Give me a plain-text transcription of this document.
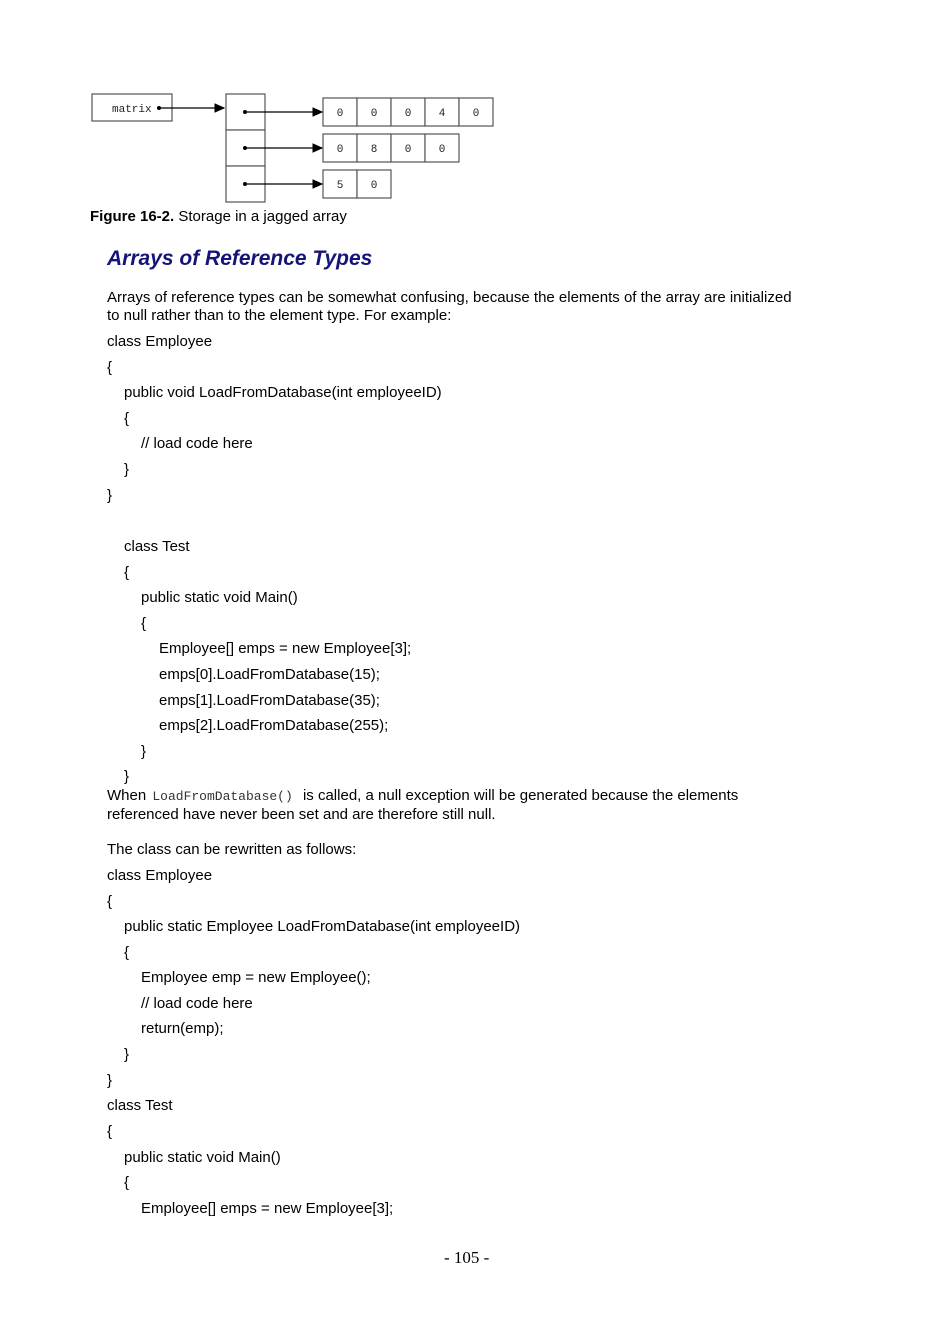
matrix	0 0 0 4 0
0 8 0 0
5 0
Figure 16-2. Storage in a jagged array
Arrays of Reference Types
Arrays of reference types can be somewhat confusing, because the elements of the array are initialized
to null rather than to the element type. For example:
class Employee
{
public void LoadFromDatabase(int employeeID)
{
// load code here
}
}
class Test
{
public static void Main()
{
Employee[] emps = new Employee[3];
emps[0].LoadFromDatabase(15);
emps[1].LoadFromDatabase(35);
emps[2].LoadFromDatabase(255);
}
}
When LoadFromDatabase() is called, a null exception will be generated because the elements
referenced have never been set and are therefore still null.
The class can be rewritten as follows:
class Employee
{
public static Employee LoadFromDatabase(int employeeID)
{
Employee emp = new Employee();
// load code here
return(emp);
}
}
class Test
{
public static void Main()
{
Employee[] emps = new Employee[3];
- 105 -
